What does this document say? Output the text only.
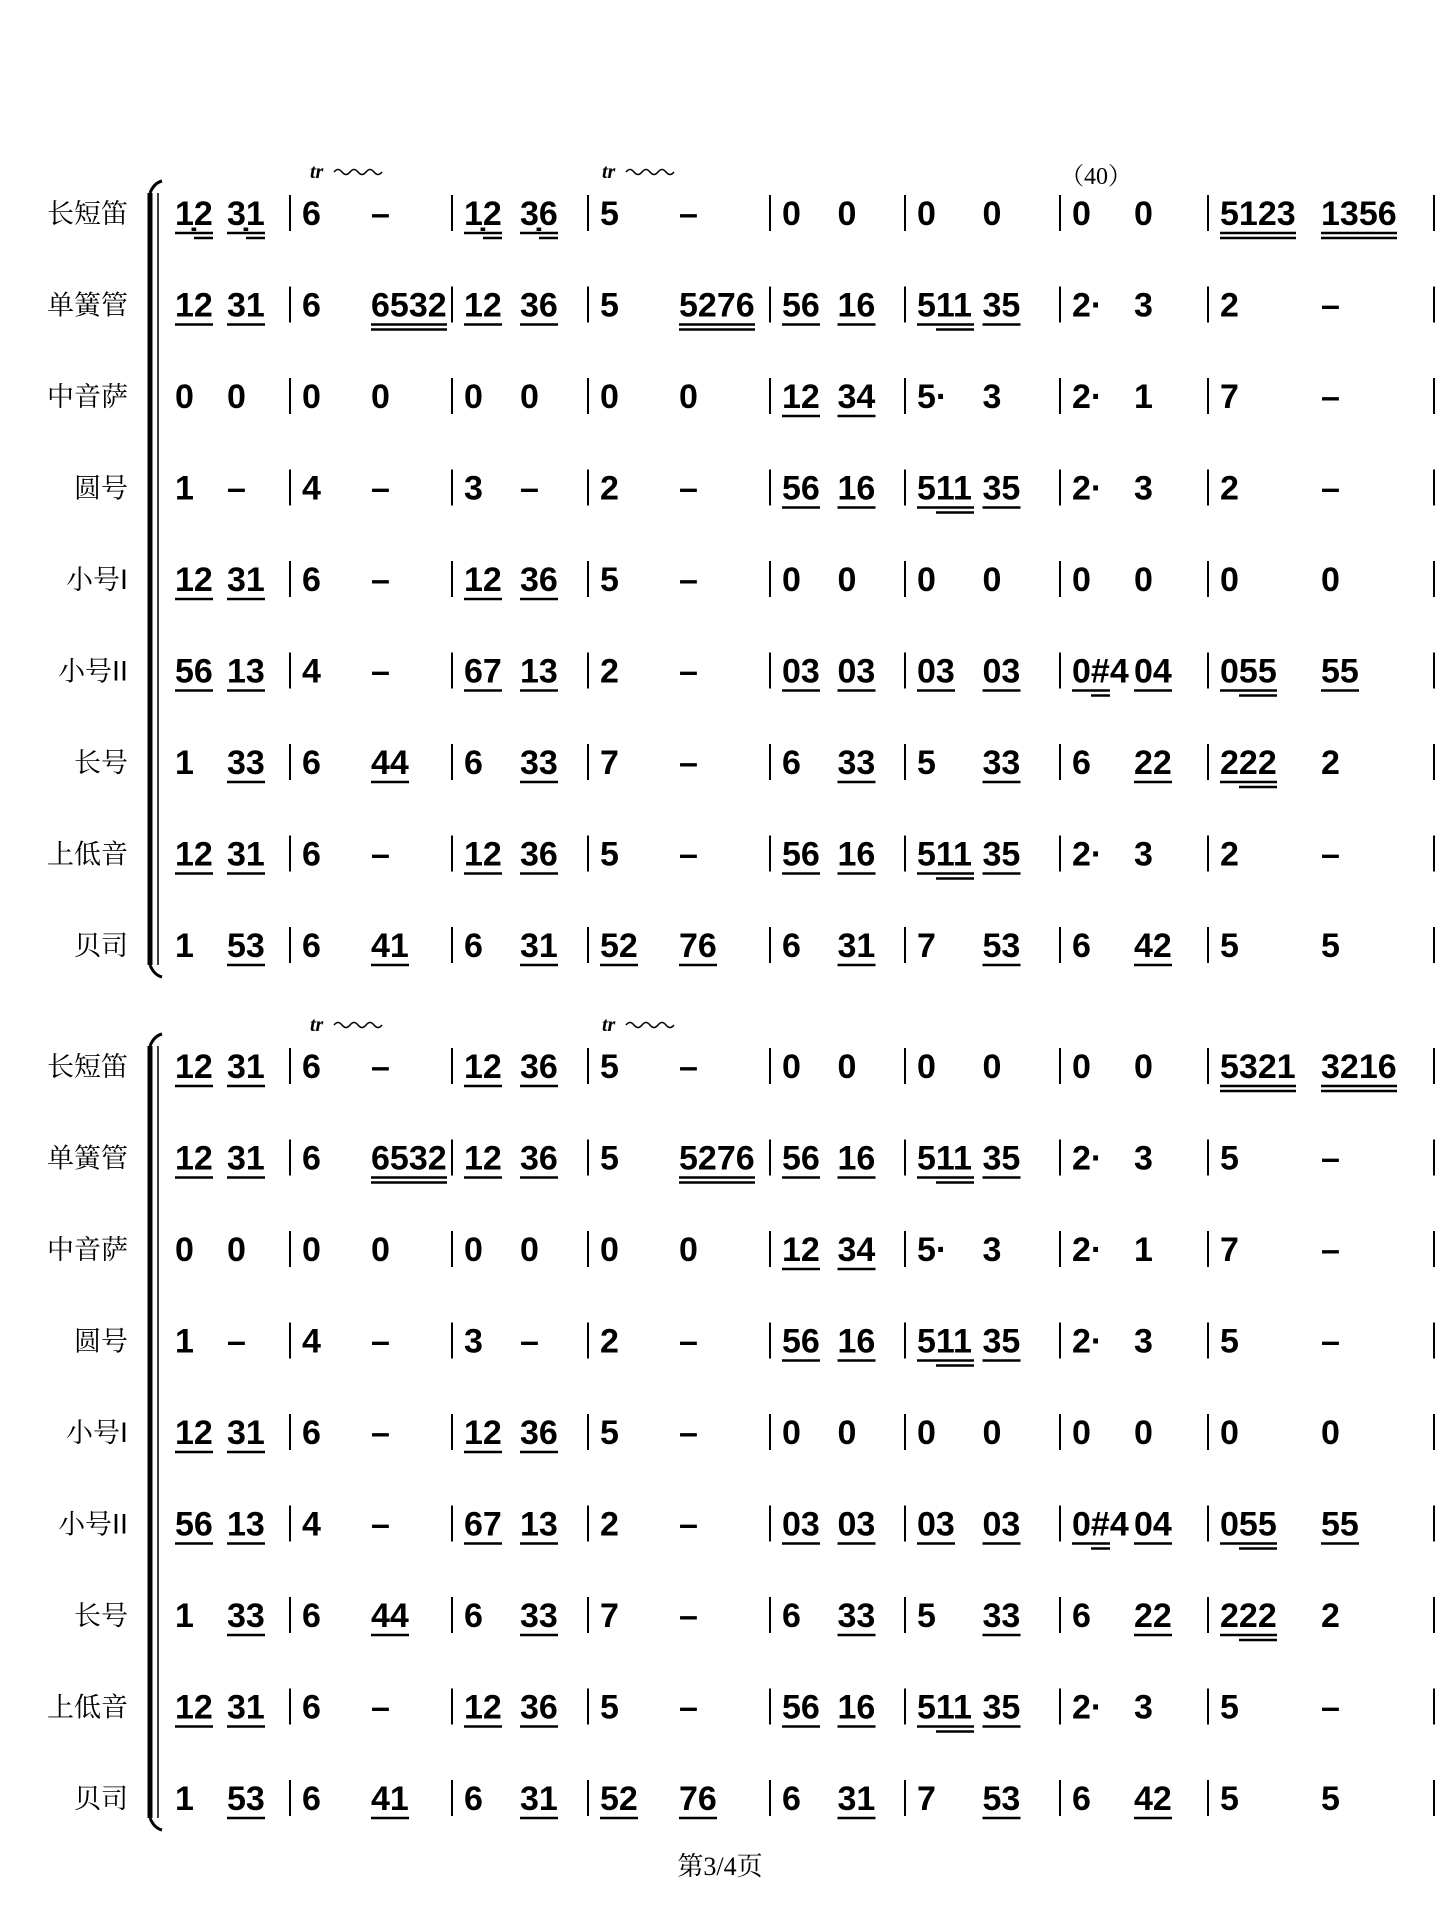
（40）
tr	tr
tr	tr
长短笛 1̣2 3̣1 6 – 1̣2 3̣6 5 – 0 0 0 0 0 0 5123 1356
单簧管 12 31 6 6532 12 36 5 5276 56 16 511 35 2· 3 2 –
中音萨 0 0 0 0 0 0 0 0 12 34 5· 3 2· 1 7 –
圆号 1 – 4 – 3 – 2 – 56 16 511 35 2· 3 2 –
小号I 12 31 6 – 12 36 5 – 0 0 0 0 0 0 0 0
小号II 56 13 4 – 67 13 2 – 03 03 03 03 0#4 04 055 55
长号 1 33 6 44 6 33 7 – 6 33 5 33 6 22 222 2
上低音 12 31 6 – 12 36 5 – 56 16 511 35 2· 3 2 –
贝司 1 53 6 41 6 31 52 76 6 31 7 53 6 42 5 5
长短笛 12 31 6 – 12 36 5 – 0 0 0 0 0 0 5321 3216
单簧管 12 31 6 6532 12 36 5 5276 56 16 511 35 2· 3 5 –
中音萨 0 0 0 0 0 0 0 0 12 34 5· 3 2· 1 7 –
圆号 1 – 4 – 3 – 2 – 56 16 511 35 2· 3 5 –
小号I 12 31 6 – 12 36 5 – 0 0 0 0 0 0 0 0
小号II 56 13 4 – 67 13 2 – 03 03 03 03 0#4 04 055 55
长号 1 33 6 44 6 33 7 – 6 33 5 33 6 22 222 2
上低音 12 31 6 – 12 36 5 – 56 16 511 35 2· 3 5 –
贝司 1 53 6 41 6 31 52 76 6 31 7 53 6 42 5 5
第3/4页
